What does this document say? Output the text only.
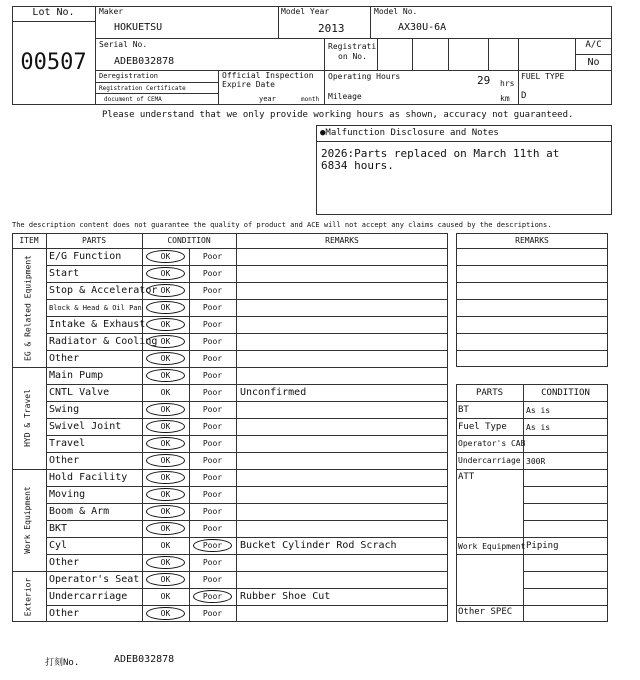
Lot No.
00507
Maker
HOKUETSU
Model Year
2013
Model No.
AX30U-6A
Serial No.
ADEB032878
Registrati
on No.
A/C
No
Deregistration
Registration Certificate
document of CEMA
Official Inspection
Expire Date
year	month
Operating Hours	29 hrs
Mileage	km
FUEL TYPE
D
Please understand that we only provide working hours as shown, accuracy not guaranteed.
●Malfunction Disclosure and Notes
2026:Parts replaced on March 11th at
6834 hours.
The description content does not guarantee the quality of product and ACE will not accept any claims caused by the descriptions.
ITEM	PARTS	CONDITION	REMARKS
E/G Function	OK	Poor
Start	OK	Poor
Stop & Accelerator OK	Poor
Block & Head & Oil Pan	OK	Poor
Intake & Exhaust	OK	Poor
Radiator & Cooling OK	Poor
Other	OK	Poor
EG & Related Equipment
Main Pump	OK	Poor
CNTL Valve	OK	Poor	Unconfirmed
Swing	OK	Poor
Swivel Joint	OK	Poor
Travel	OK	Poor
Other	OK	Poor
HYD & Travel
Hold Facility	OK	Poor
Moving	OK	Poor
Boom & Arm	OK	Poor
BKT	OK	Poor
Cyl	OK	Poor	Bucket Cylinder Rod Scrach
Other	OK	Poor
Work Equipment
Operator's Seat	OK	Poor
Undercarriage	OK	Poor	Rubber Shoe Cut
Other	OK	Poor
Exterior
REMARKS
PARTS	CONDITION
BT	As is
Fuel Type As is
Operator's CAB
Undercarriage 300R
ATT
Work Equipment Piping
Other SPEC
打刻No.	ADEB032878
